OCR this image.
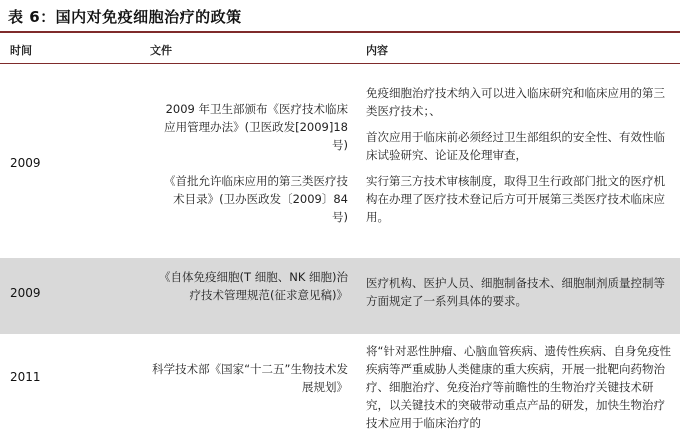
表 6：国内对免疫细胞治疗的政策
时间	文件	内容
2009

2009 年卫生部颁布《医疗技术临床应用管理办法》(卫医政发[2009]18 号)

《首批允许临床应用的第三类医疗技术目录》(卫办医政发〔2009〕84 号)

免疫细胞治疗技术纳入可以进入临床研究和临床应用的第三类医疗技术；、

首次应用于临床前必须经过卫生部组织的安全性、有效性临床试验研究、论证及伦理审查，

实行第三方技术审核制度，取得卫生行政部门批文的医疗机构在办理了医疗技术登记后方可开展第三类医疗技术临床应用。

2009

《自体免疫细胞(T 细胞、NK 细胞)治疗技术管理规范(征求意见稿)》

医疗机构、医护人员、细胞制备技术、细胞制剂质量控制等方面规定了一系列具体的要求。

2011

科学技术部《国家“十二五”生物技术发展规划》

将“针对恶性肿瘤、心脑血管疾病、遗传性疾病、自身免疫性疾病等严重威胁人类健康的重大疾病，开展一批靶向药物治疗、细胞治疗、免疫治疗等前瞻性的生物治疗关键技术研究，以关键技术的突破带动重点产品的研发，加快生物治疗技术应用于临床治疗的
